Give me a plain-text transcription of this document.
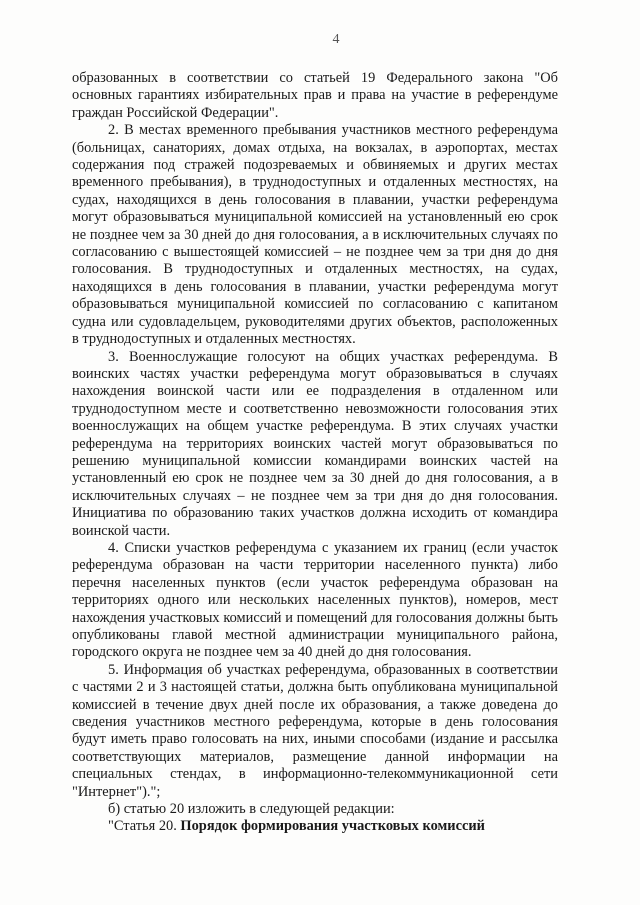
4

образованных в соответствии со статьей 19 Федерального закона "Об основных гарантиях избирательных прав и права на участие в референдуме граждан Российской Федерации".

2. В местах временного пребывания участников местного референдума (больницах, санаториях, домах отдыха, на вокзалах, в аэропортах, местах содержания под стражей подозреваемых и обвиняемых и других местах временного пребывания), в труднодоступных и отдаленных местностях, на судах, находящихся в день голосования в плавании, участки референдума могут образовываться муниципальной комиссией на установленный ею срок не позднее чем за 30 дней до дня голосования, а в исключительных случаях по согласованию с вышестоящей комиссией – не позднее чем за три дня до дня голосования. В труднодоступных и отдаленных местностях, на судах, находящихся в день голосования в плавании, участки референдума могут образовываться муниципальной комиссией по согласованию с капитаном судна или судовладельцем, руководителями других объектов, расположенных в труднодоступных и отдаленных местностях.

3. Военнослужащие голосуют на общих участках референдума. В воинских частях участки референдума могут образовываться в случаях нахождения воинской части или ее подразделения в отдаленном или труднодоступном месте и соответственно невозможности голосования этих военнослужащих на общем участке референдума. В этих случаях участки референдума на территориях воинских частей могут образовываться по решению муниципальной комиссии командирами воинских частей на установленный ею срок не позднее чем за 30 дней до дня голосования, а в исключительных случаях – не позднее чем за три дня до дня голосования. Инициатива по образованию таких участков должна исходить от командира воинской части.

4. Списки участков референдума с указанием их границ (если участок референдума образован на части территории населенного пункта) либо перечня населенных пунктов (если участок референдума образован на территориях одного или нескольких населенных пунктов), номеров, мест нахождения участковых комиссий и помещений для голосования должны быть опубликованы главой местной администрации муниципального района, городского округа не позднее чем за 40 дней до дня голосования.

5. Информация об участках референдума, образованных в соответствии с частями 2 и 3 настоящей статьи, должна быть опубликована муниципальной комиссией в течение двух дней после их образования, а также доведена до сведения участников местного референдума, которые в день голосования будут иметь право голосовать на них, иными способами (издание и рассылка соответствующих материалов, размещение данной информации на специальных стендах, в информационно-телекоммуникационной сети "Интернет").";

б) статью 20 изложить в следующей редакции:

"Статья 20. Порядок формирования участковых комиссий
